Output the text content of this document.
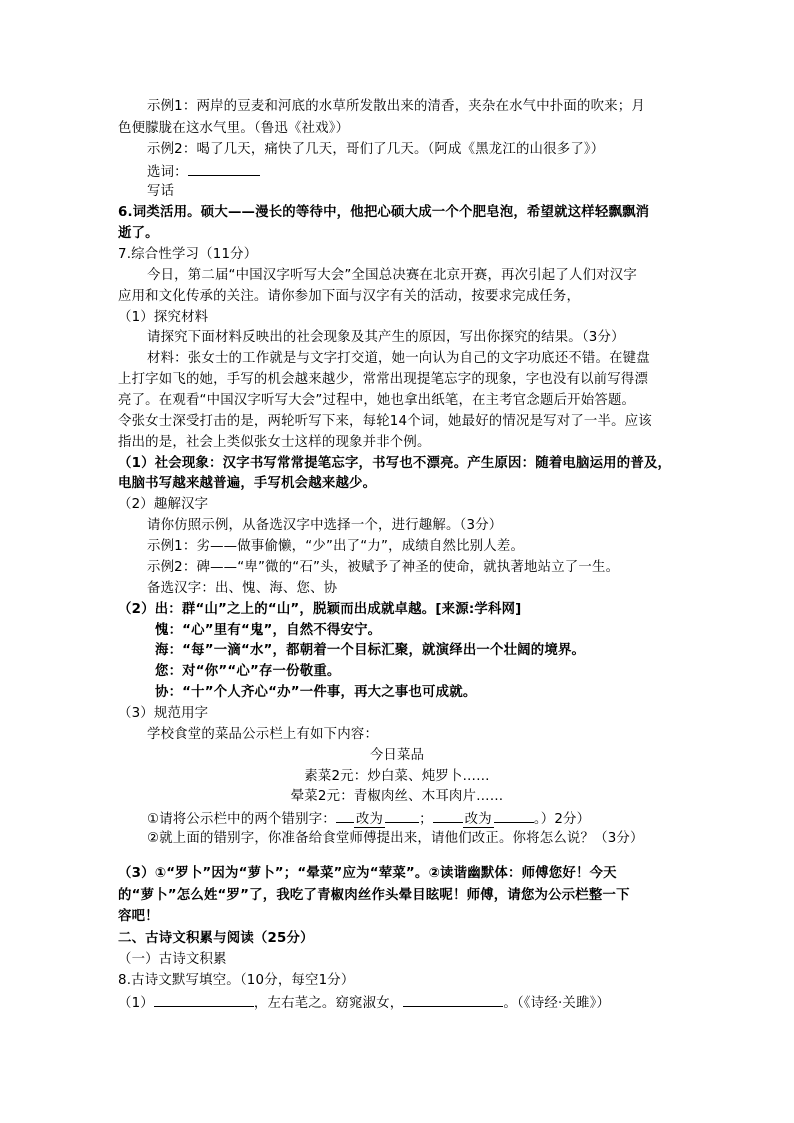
示例1：两岸的豆麦和河底的水草所发散出来的清香，夹杂在水气中扑面的吹来；月
色便朦胧在这水气里。（鲁迅《社戏》）
示例2：喝了几天，痛快了几天，哥们了几天。（阿成《黑龙江的山很多了》）
选词：
写话
6.词类活用。硕大——漫长的等待中，他把心硕大成一个个肥皂泡，希望就这样轻飘飘消
逝了。
7.综合性学习（11分）
今日，第二届“中国汉字听写大会”全国总决赛在北京开赛，再次引起了人们对汉字
应用和文化传承的关注。请你参加下面与汉字有关的活动，按要求完成任务，
（1）探究材料
请探究下面材料反映出的社会现象及其产生的原因，写出你探究的结果。（3分）
材料：张女士的工作就是与文字打交道，她一向认为自己的文字功底还不错。在键盘
上打字如飞的她，手写的机会越来越少，常常出现提笔忘字的现象，字也没有以前写得漂
亮了。在观看“中国汉字听写大会”过程中，她也拿出纸笔，在主考官念题后开始答题。
令张女士深受打击的是，两轮听写下来，每轮14个词，她最好的情况是写对了一半。应该
指出的是，社会上类似张女士这样的现象并非个例。
（1）社会现象：汉字书写常常提笔忘字，书写也不漂亮。产生原因：随着电脑运用的普及，
电脑书写越来越普遍，手写机会越来越少。
（2）趣解汉字
请你仿照示例，从备选汉字中选择一个，进行趣解。（3分）
示例1：劣——做事偷懒，“少”出了“力”，成绩自然比别人差。
示例2：碑——“卑”微的“石”头，被赋予了神圣的使命，就执著地站立了一生。
备选汉字：出、愧、海、您、协
（2）出：群“山”之上的“山”，脱颖而出成就卓越。[来源:学科网]
愧：“心”里有“鬼”，自然不得安宁。
海：“每”一滴“水”，都朝着一个目标汇聚，就演绎出一个壮阔的境界。
您：对“你”“心”存一份敬重。
协：“十”个人齐心“办”一件事，再大之事也可成就。
（3）规范用字
学校食堂的菜品公示栏上有如下内容：
今日菜品
素菜2元：炒白菜、炖罗卜……
晕菜2元：青椒肉丝、木耳肉片……
①请将公示栏中的两个错别字： 改为	； 改为	。）2分）
②就上面的错别字，你准备给食堂师傅提出来，请他们改正。你将怎么说？（3分）
（3）①“罗卜”因为“萝卜”；“晕菜”应为“荤菜”。②读谐幽默体：师傅您好！今天
的“萝卜”怎么姓“罗”了，我吃了青椒肉丝作头晕目眩呢！师傅，请您为公示栏整一下
容吧！
二、古诗文积累与阅读（25分）
（一）古诗文积累
8.古诗文默写填空。（10分，每空1分）
（1）	，左右芼之。窈窕淑女，	。（《诗经·关雎》）
